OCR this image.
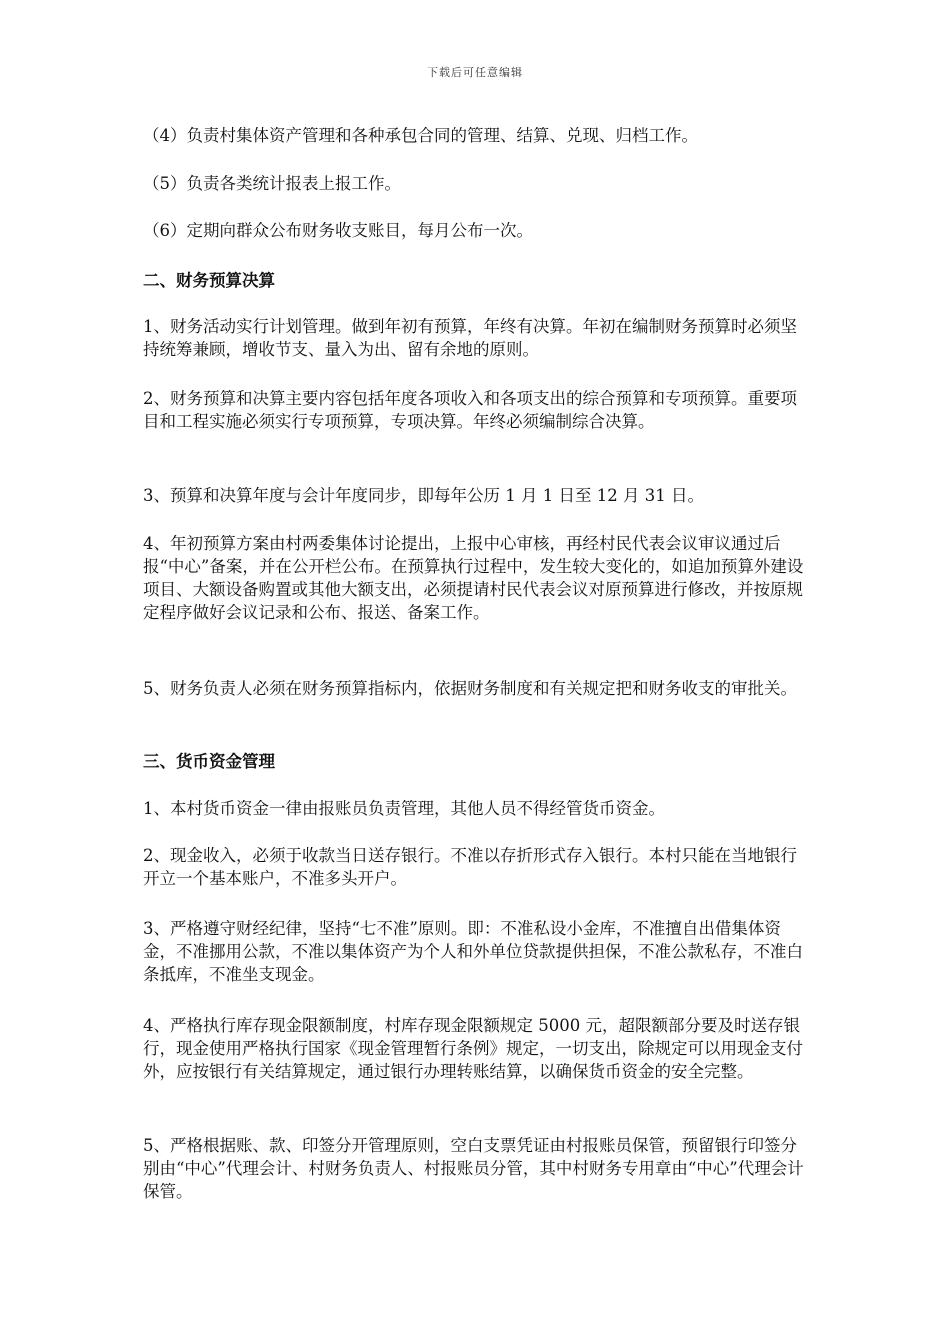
下载后可任意编辑

（4）负责村集体资产管理和各种承包合同的管理、结算、兑现、归档工作。

（5）负责各类统计报表上报工作。

（6）定期向群众公布财务收支账目，每月公布一次。

二、财务预算决算

1、财务活动实行计划管理。做到年初有预算，年终有决算。年初在编制财务预算时必须坚持统筹兼顾，增收节支、量入为出、留有余地的原则。

2、财务预算和决算主要内容包括年度各项收入和各项支出的综合预算和专项预算。重要项目和工程实施必须实行专项预算，专项决算。年终必须编制综合决算。

3、预算和决算年度与会计年度同步，即每年公历 1 月 1 日至 12 月 31 日。

4、年初预算方案由村两委集体讨论提出，上报中心审核，再经村民代表会议审议通过后报“中心”备案，并在公开栏公布。在预算执行过程中，发生较大变化的，如追加预算外建设项目、大额设备购置或其他大额支出，必须提请村民代表会议对原预算进行修改，并按原规定程序做好会议记录和公布、报送、备案工作。

5、财务负责人必须在财务预算指标内，依据财务制度和有关规定把和财务收支的审批关。

三、货币资金管理

1、本村货币资金一律由报账员负责管理，其他人员不得经管货币资金。

2、现金收入，必须于收款当日送存银行。不准以存折形式存入银行。本村只能在当地银行开立一个基本账户，不准多头开户。

3、严格遵守财经纪律，坚持“七不准”原则。即：不准私设小金库，不准擅自出借集体资金，不准挪用公款，不准以集体资产为个人和外单位贷款提供担保，不准公款私存，不准白条抵库，不准坐支现金。

4、严格执行库存现金限额制度，村库存现金限额规定 5000 元，超限额部分要及时送存银行，现金使用严格执行国家《现金管理暂行条例》规定，一切支出，除规定可以用现金支付外，应按银行有关结算规定，通过银行办理转账结算，以确保货币资金的安全完整。

5、严格根据账、款、印签分开管理原则，空白支票凭证由村报账员保管，预留银行印签分别由“中心”代理会计、村财务负责人、村报账员分管，其中村财务专用章由“中心”代理会计保管。
